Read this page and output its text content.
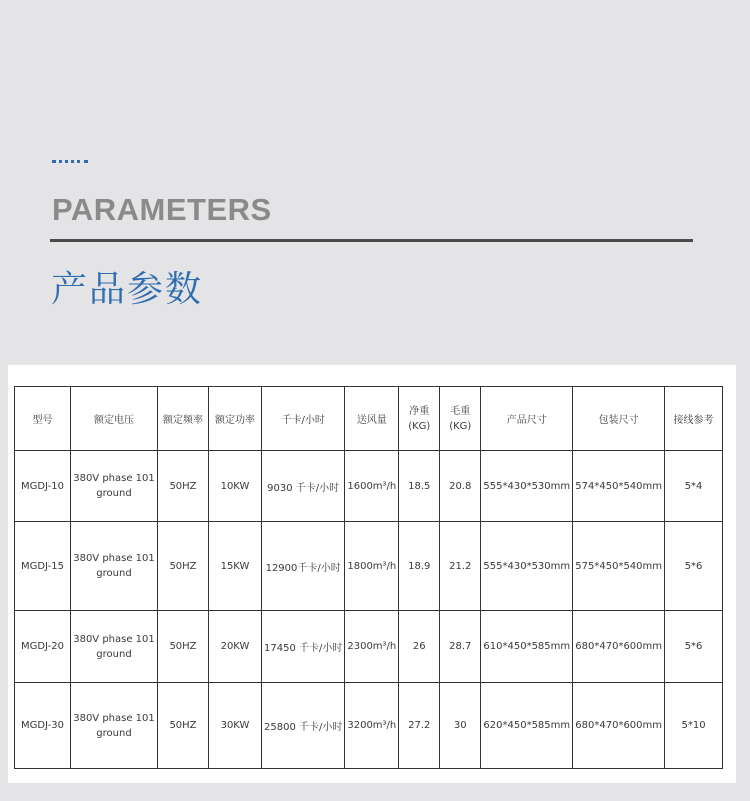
PARAMETERS
产品参数
型号	额定电压	额定频率	额定功率	千卡/小时	送风量	净重(KG)	毛重(KG)	产品尺寸	包装尺寸	接线参考
MGDJ-10	380V phase 101 ground	50HZ	10KW	9030 千卡/小时	1600m³/h	18.5	20.8	555*430*530mm	574*450*540mm	5*4
MGDJ-15	380V phase 101 ground	50HZ	15KW	12900千卡/小时	1800m³/h	18.9	21.2	555*430*530mm	575*450*540mm	5*6
MGDJ-20	380V phase 101 ground	50HZ	20KW	17450 千卡/小时	2300m³/h	26	28.7	610*450*585mm	680*470*600mm	5*6
MGDJ-30	380V phase 101 ground	50HZ	30KW	25800 千卡/小时	3200m³/h	27.2	30	620*450*585mm	680*470*600mm	5*10
